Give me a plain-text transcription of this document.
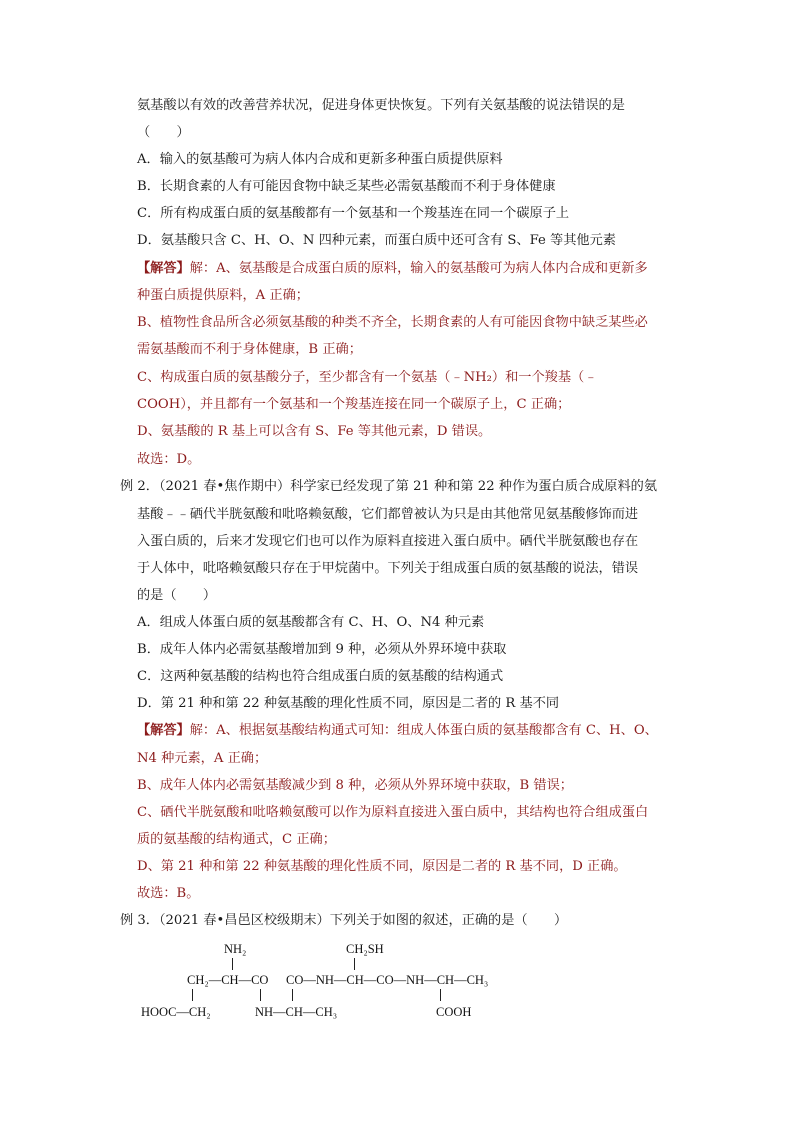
氨基酸以有效的改善营养状况，促进身体更快恢复。下列有关氨基酸的说法错误的是
（　　）
A．输入的氨基酸可为病人体内合成和更新多种蛋白质提供原料
B．长期食素的人有可能因食物中缺乏某些必需氨基酸而不利于身体健康
C．所有构成蛋白质的氨基酸都有一个氨基和一个羧基连在同一个碳原子上
D．氨基酸只含 C、H、O、N 四种元素，而蛋白质中还可含有 S、Fe 等其他元素
【解答】解：A、氨基酸是合成蛋白质的原料，输入的氨基酸可为病人体内合成和更新多
种蛋白质提供原料，A 正确；
B、植物性食品所含必须氨基酸的种类不齐全，长期食素的人有可能因食物中缺乏某些必
需氨基酸而不利于身体健康，B 正确；
C、构成蛋白质的氨基酸分子，至少都含有一个氨基（﹣NH₂）和一个羧基（﹣
COOH），并且都有一个氨基和一个羧基连接在同一个碳原子上，C 正确；
D、氨基酸的 R 基上可以含有 S、Fe 等其他元素，D 错误。
故选：D。
例 2．（2021 春•焦作期中）科学家已经发现了第 21 种和第 22 种作为蛋白质合成原料的氨
基酸﹣﹣硒代半胱氨酸和吡咯赖氨酸，它们都曾被认为只是由其他常见氨基酸修饰而进
入蛋白质的，后来才发现它们也可以作为原料直接进入蛋白质中。硒代半胱氨酸也存在
于人体中，吡咯赖氨酸只存在于甲烷菌中。下列关于组成蛋白质的氨基酸的说法，错误
的是（　　）
A．组成人体蛋白质的氨基酸都含有 C、H、O、N4 种元素
B．成年人体内必需氨基酸增加到 9 种，必须从外界环境中获取
C．这两种氨基酸的结构也符合组成蛋白质的氨基酸的结构通式
D．第 21 种和第 22 种氨基酸的理化性质不同，原因是二者的 R 基不同
【解答】解：A、根据氨基酸结构通式可知：组成人体蛋白质的氨基酸都含有 C、H、O、
N4 种元素，A 正确；
B、成年人体内必需氨基酸减少到 8 种，必须从外界环境中获取，B 错误；
C、硒代半胱氨酸和吡咯赖氨酸可以作为原料直接进入蛋白质中，其结构也符合组成蛋白
质的氨基酸的结构通式，C 正确；
D、第 21 种和第 22 种氨基酸的理化性质不同，原因是二者的 R 基不同，D 正确。
故选：B。
例 3．（2021 春•昌邑区校级期末）下列关于如图的叙述，正确的是（　　）
NH₂	CH₂SH
CH₂—CH—CO CO—NH—CH—CO—NH—CH—CH₃
HOOC—CH₂	NH—CH—CH₃	COOH
